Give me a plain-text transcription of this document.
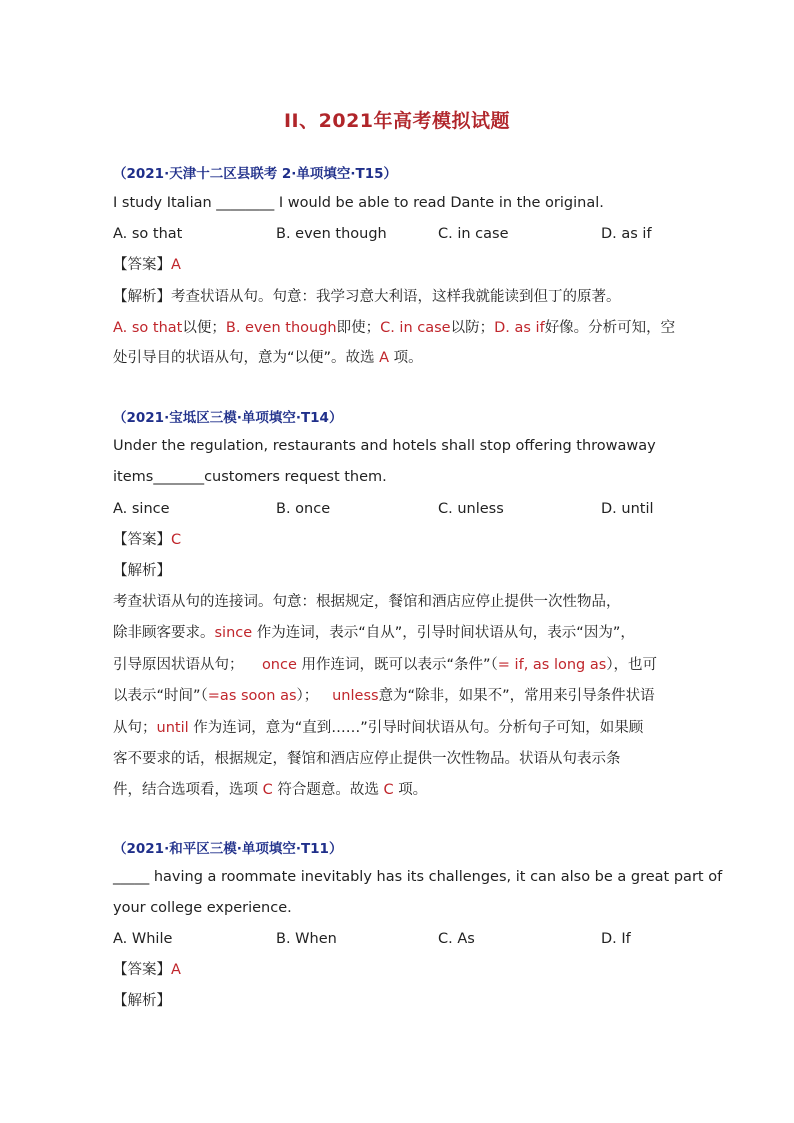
II、2021年高考模拟试题
（2021·天津十二区县联考 2·单项填空·T15）
I study Italian ________ I would be able to read Dante in the original.
A. so that	B. even though	C. in case	D. as if
【答案】A
【解析】考查状语从句。句意：我学习意大利语，这样我就能读到但丁的原著。
A. so that以便；B. even though即使；C. in case以防；D. as if好像。分析可知，空
处引导目的状语从句，意为“以便”。故选 A 项。
（2021·宝坻区三模·单项填空·T14）
Under the regulation, restaurants and hotels shall stop offering throwaway
items_______customers request them.
A. since	B. once	C. unless	D. until
【答案】C
【解析】
考查状语从句的连接词。句意：根据规定，餐馆和酒店应停止提供一次性物品，
除非顾客要求。since 作为连词，表示“自从”，引导时间状语从句，表示“因为”，
引导原因状语从句； once 用作连词，既可以表示“条件”（= if, as long as），也可
以表示“时间”（=as soon as）； unless意为“除非，如果不”，常用来引导条件状语
从句；until 作为连词，意为“直到……”引导时间状语从句。分析句子可知，如果顾
客不要求的话，根据规定，餐馆和酒店应停止提供一次性物品。状语从句表示条
件，结合选项看，选项 C 符合题意。故选 C 项。
（2021·和平区三模·单项填空·T11）
_____ having a roommate inevitably has its challenges, it can also be a great part of
your college experience.
A. While	B. When	C. As	D. If
【答案】A
【解析】
